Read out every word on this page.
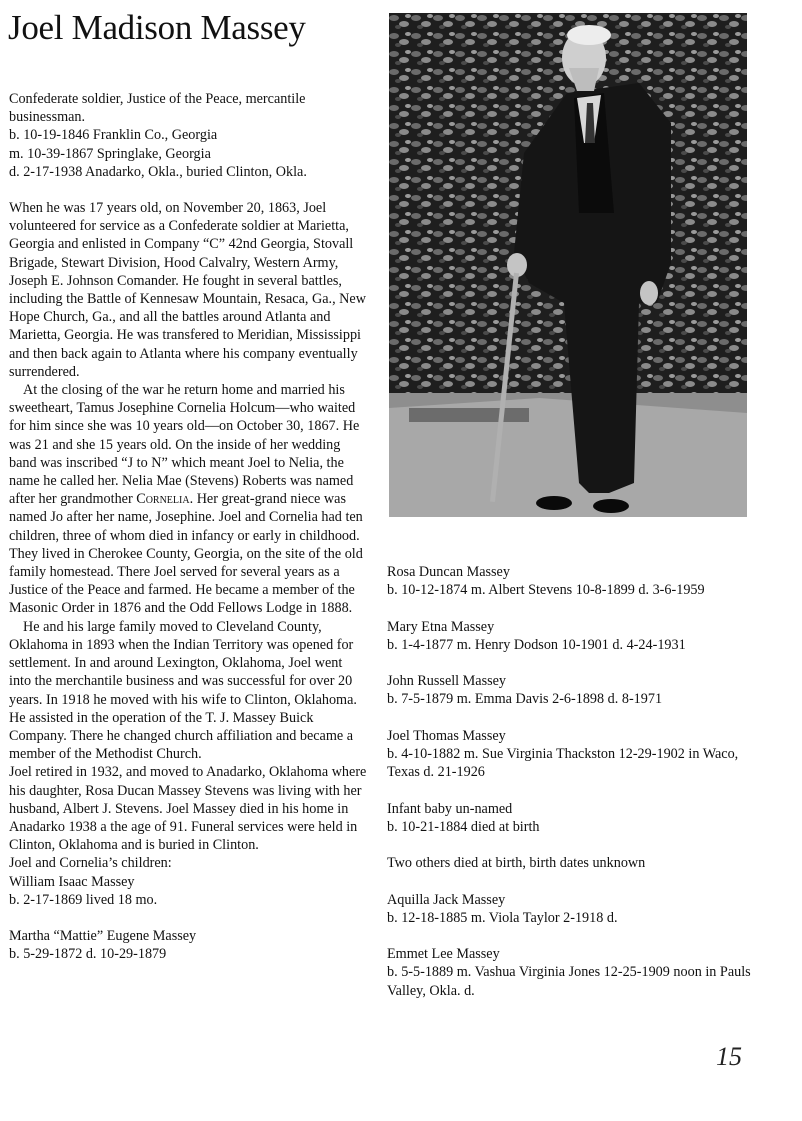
Joel Madison Massey

Confederate soldier, Justice of the Peace, mercantile businessman.

b. 10-19-1846 Franklin Co., Georgia

m. 10-39-1867 Springlake, Georgia

d. 2-17-1938 Anadarko, Okla., buried Clinton, Okla.

When he was 17 years old, on November 20, 1863, Joel volunteered for service as a Confederate soldier at Marietta, Georgia and enlisted in Company “C” 42nd Georgia, Stovall Brigade, Stewart Division, Hood Calvalry, Western Army, Joseph E. Johnson Comander. He fought in several battles, including the Battle of Kennesaw Mountain, Resaca, Ga., New Hope Church, Ga., and all the battles around Atlanta and Marietta, Georgia. He was transfered to Meridian, Mississippi and then back again to Atlanta where his company eventually surrendered.

At the closing of the war he return home and married his sweetheart, Tamus Josephine Cornelia Holcum—who waited for him since she was 10 years old—on October 30, 1867. He was 21 and she 15 years old. On the inside of her wedding band was inscribed “J to N” which meant Joel to Nelia, the name he called her. Nelia Mae (Stevens) Roberts was named after her grandmother Cornelia. Her great-grand niece was named Jo after her name, Josephine. Joel and Cornelia had ten children, three of whom died in infancy or early in childhood. They lived in Cherokee County, Georgia, on the site of the old family homestead. There Joel served for several years as a Justice of the Peace and farmed. He became a member of the Masonic Order in 1876 and the Odd Fellows Lodge in 1888.

He and his large family moved to Cleveland County, Oklahoma in 1893 when the Indian Territory was opened for settlement. In and around Lexington, Oklahoma, Joel went into the merchantile business and was successful for over 20 years. In 1918 he moved with his wife to Clinton, Oklahoma. He assisted in the operation of the T. J. Massey Buick Company. There he changed church affiliation and became a member of the Methodist Church.

Joel retired in 1932, and moved to Anadarko, Oklahoma where his daughter, Rosa Ducan Massey Stevens was living with her husband, Albert J. Stevens. Joel Massey died in his home in Anadarko 1938 a the age of 91. Funeral services were held in Clinton, Oklahoma and is buried in Clinton.

Joel and Cornelia’s children:

William Isaac Massey

b. 2-17-1869 lived 18 mo.

Martha “Mattie” Eugene Massey

b. 5-29-1872 d. 10-29-1879

Rosa Duncan Massey

b. 10-12-1874 m. Albert Stevens 10-8-1899 d. 3-6-1959

Mary Etna Massey

b. 1-4-1877 m. Henry Dodson 10-1901 d. 4-24-1931

John Russell Massey

b. 7-5-1879 m. Emma Davis 2-6-1898 d. 8-1971

Joel Thomas Massey

b. 4-10-1882 m. Sue Virginia Thackston 12-29-1902 in Waco, Texas d. 21-1926

Infant baby un-named

b. 10-21-1884 died at birth

Two others died at birth, birth dates unknown

Aquilla Jack Massey

b. 12-18-1885 m. Viola Taylor 2-1918 d.

Emmet Lee Massey

b. 5-5-1889 m. Vashua Virginia Jones 12-25-1909 noon in Pauls Valley, Okla. d.

15
